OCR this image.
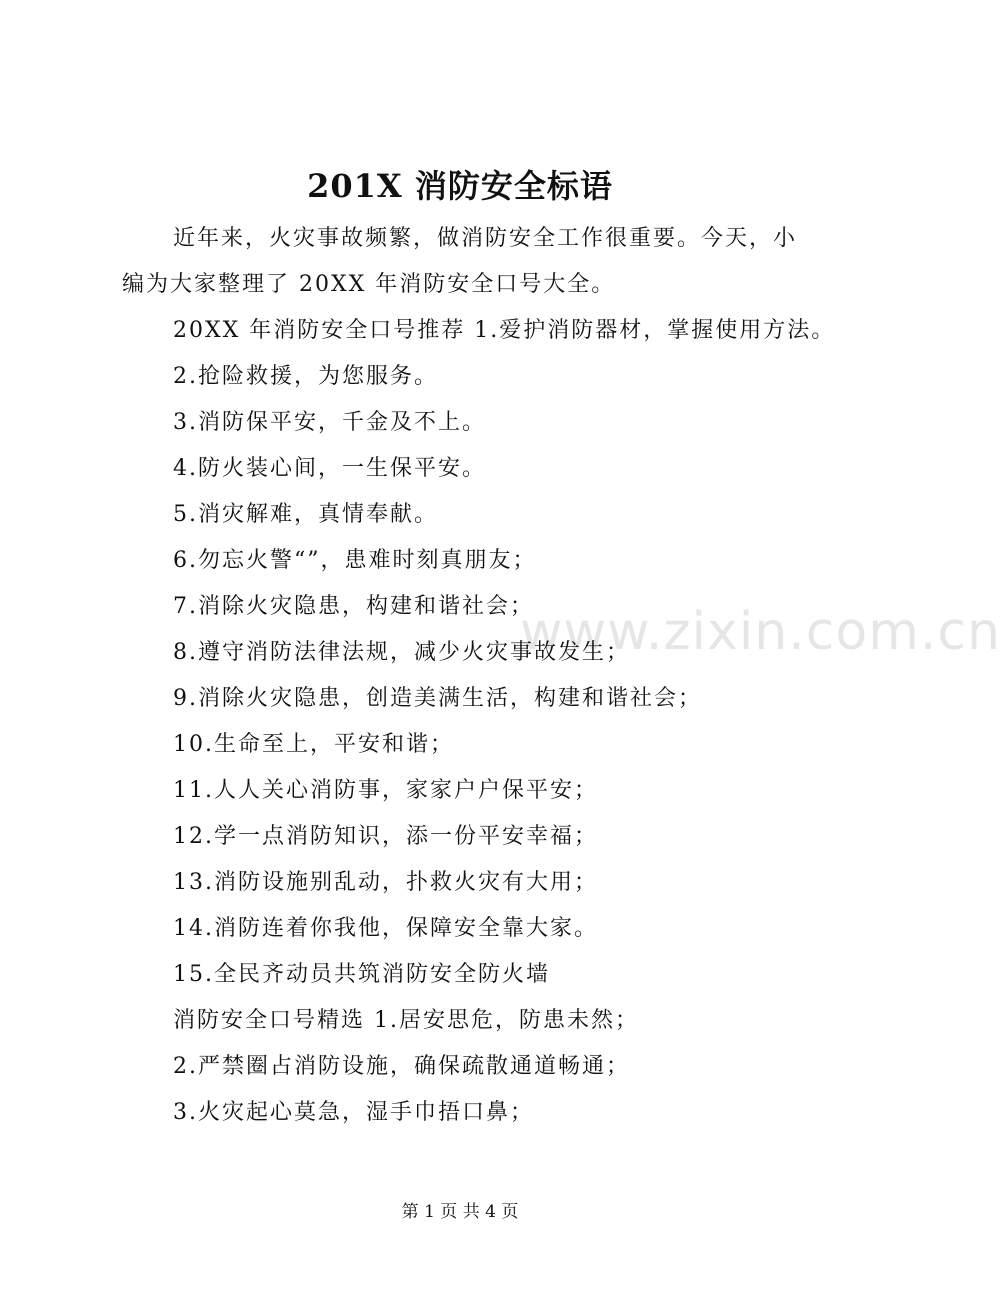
www.zixin.com.cn
201X 消防安全标语
近年来，火灾事故频繁，做消防安全工作很重要。今天，小
编为大家整理了 20XX 年消防安全口号大全。
20XX 年消防安全口号推荐 1.爱护消防器材，掌握使用方法。
2.抢险救援，为您服务。
3.消防保平安，千金及不上。
4.防火装心间，一生保平安。
5.消灾解难，真情奉献。
6.勿忘火警“”，患难时刻真朋友；
7.消除火灾隐患，构建和谐社会；
8.遵守消防法律法规，减少火灾事故发生；
9.消除火灾隐患，创造美满生活，构建和谐社会；
10.生命至上，平安和谐；
11.人人关心消防事，家家户户保平安；
12.学一点消防知识，添一份平安幸福；
13.消防设施别乱动，扑救火灾有大用；
14.消防连着你我他，保障安全靠大家。
15.全民齐动员共筑消防安全防火墙
消防安全口号精选 1.居安思危，防患未然；
2.严禁圈占消防设施，确保疏散通道畅通；
3.火灾起心莫急，湿手巾捂口鼻；
第 1 页 共 4 页
